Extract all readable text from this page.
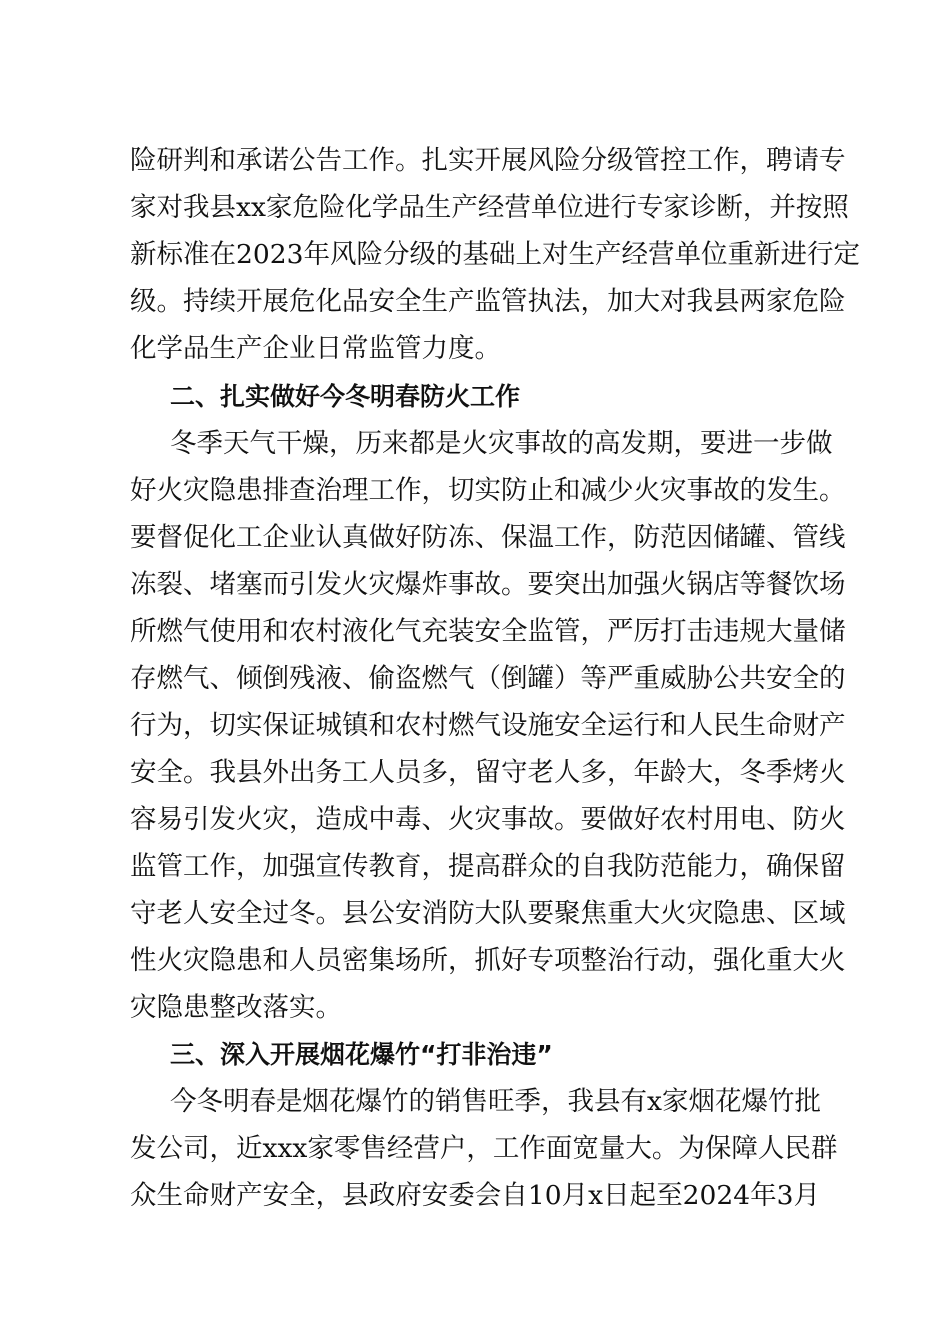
险研判和承诺公告工作。扎实开展风险分级管控工作，聘请专
家对我县xx家危险化学品生产经营单位进行专家诊断，并按照
新标准在2023年风险分级的基础上对生产经营单位重新进行定
级。持续开展危化品安全生产监管执法，加大对我县两家危险
化学品生产企业日常监管力度。
二、扎实做好今冬明春防火工作
冬季天气干燥，历来都是火灾事故的高发期，要进一步做
好火灾隐患排查治理工作，切实防止和减少火灾事故的发生。
要督促化工企业认真做好防冻、保温工作，防范因储罐、管线
冻裂、堵塞而引发火灾爆炸事故。要突出加强火锅店等餐饮场
所燃气使用和农村液化气充装安全监管，严厉打击违规大量储
存燃气、倾倒残液、偷盗燃气（倒罐）等严重威胁公共安全的
行为，切实保证城镇和农村燃气设施安全运行和人民生命财产
安全。我县外出务工人员多，留守老人多，年龄大，冬季烤火
容易引发火灾，造成中毒、火灾事故。要做好农村用电、防火
监管工作，加强宣传教育，提高群众的自我防范能力，确保留
守老人安全过冬。县公安消防大队要聚焦重大火灾隐患、区域
性火灾隐患和人员密集场所，抓好专项整治行动，强化重大火
灾隐患整改落实。
三、深入开展烟花爆竹“打非治违”
今冬明春是烟花爆竹的销售旺季，我县有x家烟花爆竹批
发公司，近xxx家零售经营户，工作面宽量大。为保障人民群
众生命财产安全，县政府安委会自10月x日起至2024年3月
